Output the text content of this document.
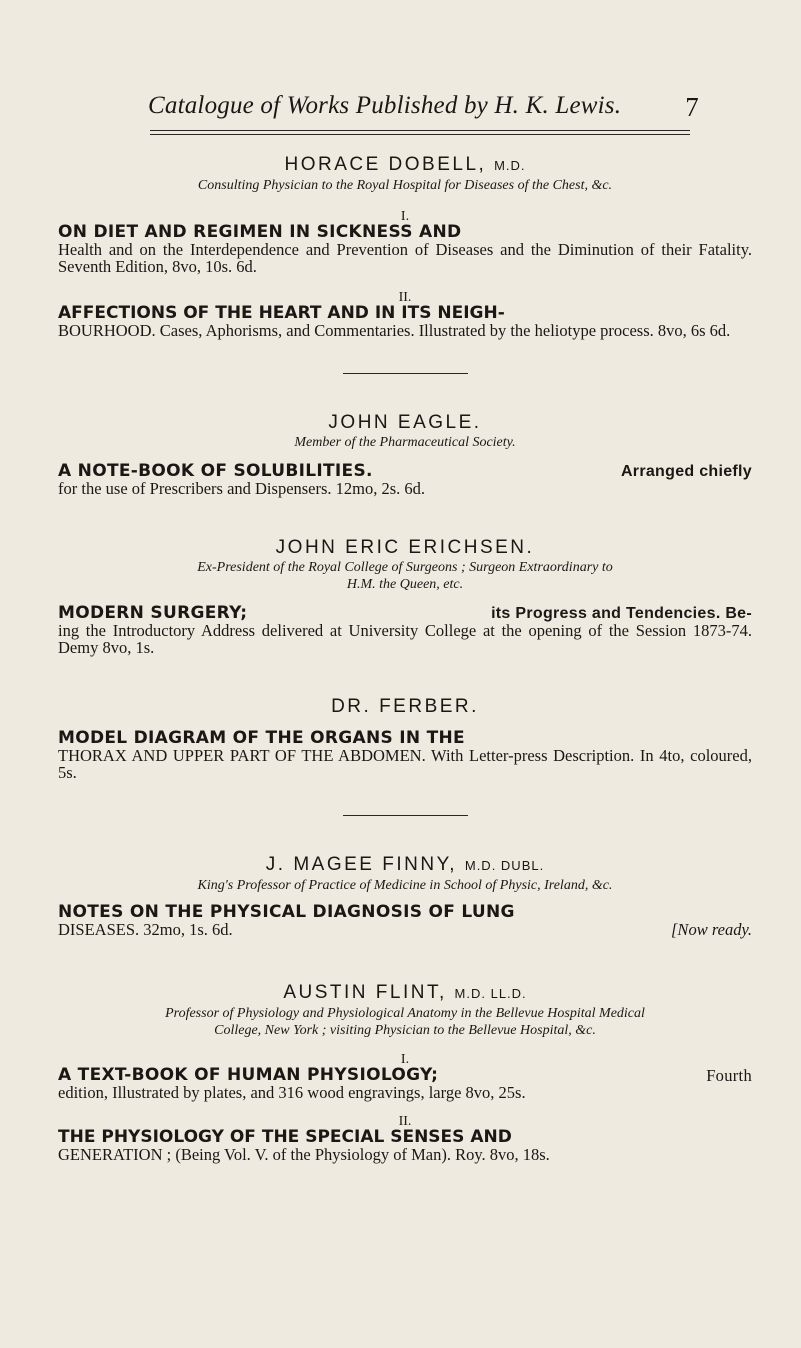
Catalogue of Works Published by H. K. Lewis. 7
HORACE DOBELL, M.D.
Consulting Physician to the Royal Hospital for Diseases of the Chest, &c.
I.
ON DIET AND REGIMEN IN SICKNESS AND
Health and on the Interdependence and Prevention of Diseases and the Diminution of their Fatality. Seventh Edition, 8vo, 10s. 6d.
II.
AFFECTIONS OF THE HEART AND IN ITS NEIGH-
BOURHOOD. Cases, Aphorisms, and Commentaries. Illustrated by the heliotype process. 8vo, 6s 6d.
JOHN EAGLE.
Member of the Pharmaceutical Society.
A NOTE-BOOK OF SOLUBILITIES.	Arranged chiefly
for the use of Prescribers and Dispensers. 12mo, 2s. 6d.
JOHN ERIC ERICHSEN.
Ex-President of the Royal College of Surgeons ; Surgeon Extraordinary to
H.M. the Queen, etc.
MODERN SURGERY;	its Progress and Tendencies. Be-
ing the Introductory Address delivered at University College at the opening of the Session 1873-74. Demy 8vo, 1s.
DR. FERBER.
MODEL DIAGRAM OF THE ORGANS IN THE
THORAX AND UPPER PART OF THE ABDOMEN. With Letter-press Description. In 4to, coloured, 5s.
J. MAGEE FINNY, M.D. DUBL.
King's Professor of Practice of Medicine in School of Physic, Ireland, &c.
NOTES ON THE PHYSICAL DIAGNOSIS OF LUNG
DISEASES. 32mo, 1s. 6d.	[Now ready.
AUSTIN FLINT, M.D. LL.D.
Professor of Physiology and Physiological Anatomy in the Bellevue Hospital Medical
College, New York ; visiting Physician to the Bellevue Hospital, &c.
I.
A TEXT-BOOK OF HUMAN PHYSIOLOGY;	Fourth
edition, Illustrated by plates, and 316 wood engravings, large 8vo, 25s.
II.
THE PHYSIOLOGY OF THE SPECIAL SENSES AND
GENERATION ; (Being Vol. V. of the Physiology of Man). Roy. 8vo, 18s.
